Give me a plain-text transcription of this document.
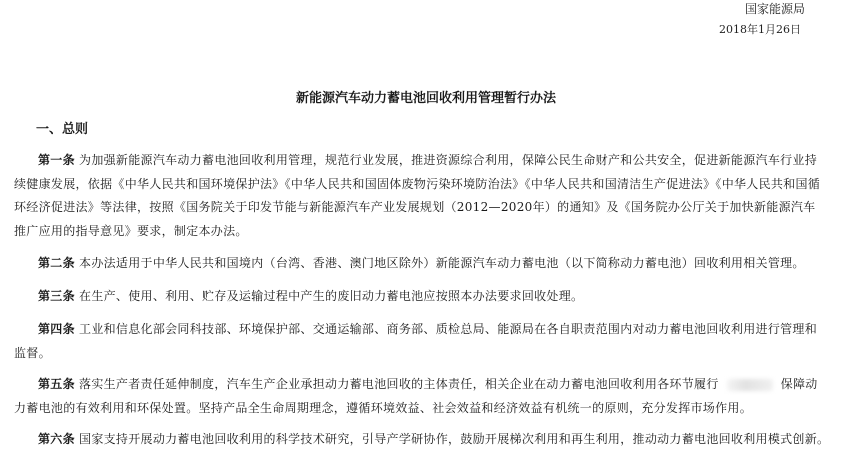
国家能源局
2018年1月26日
新能源汽车动力蓄电池回收利用管理暂行办法
一、总则

第一条 为加强新能源汽车动力蓄电池回收利用管理，规范行业发展，推进资源综合利用，保障公民生命财产和公共安全，促进新能源汽车行业持续健康发展，依据《中华人民共和国环境保护法》《中华人民共和国固体废物污染环境防治法》《中华人民共和国清洁生产促进法》《中华人民共和国循环经济促进法》等法律，按照《国务院关于印发节能与新能源汽车产业发展规划（2012—2020年）的通知》及《国务院办公厅关于加快新能源汽车推广应用的指导意见》要求，制定本办法。

第二条 本办法适用于中华人民共和国境内（台湾、香港、澳门地区除外）新能源汽车动力蓄电池（以下简称动力蓄电池）回收利用相关管理。

第三条 在生产、使用、利用、贮存及运输过程中产生的废旧动力蓄电池应按照本办法要求回收处理。

第四条 工业和信息化部会同科技部、环境保护部、交通运输部、商务部、质检总局、能源局在各自职责范围内对动力蓄电池回收利用进行管理和监督。

第五条 落实生产者责任延伸制度，汽车生产企业承担动力蓄电池回收的主体责任，相关企业在动力蓄电池回收利用各环节履行	保障动力蓄电池的有效利用和环保处置。坚持产品全生命周期理念，遵循环境效益、社会效益和经济效益有机统一的原则，充分发挥市场作用。

第六条 国家支持开展动力蓄电池回收利用的科学技术研究，引导产学研协作，鼓励开展梯次利用和再生利用，推动动力蓄电池回收利用模式创新。
